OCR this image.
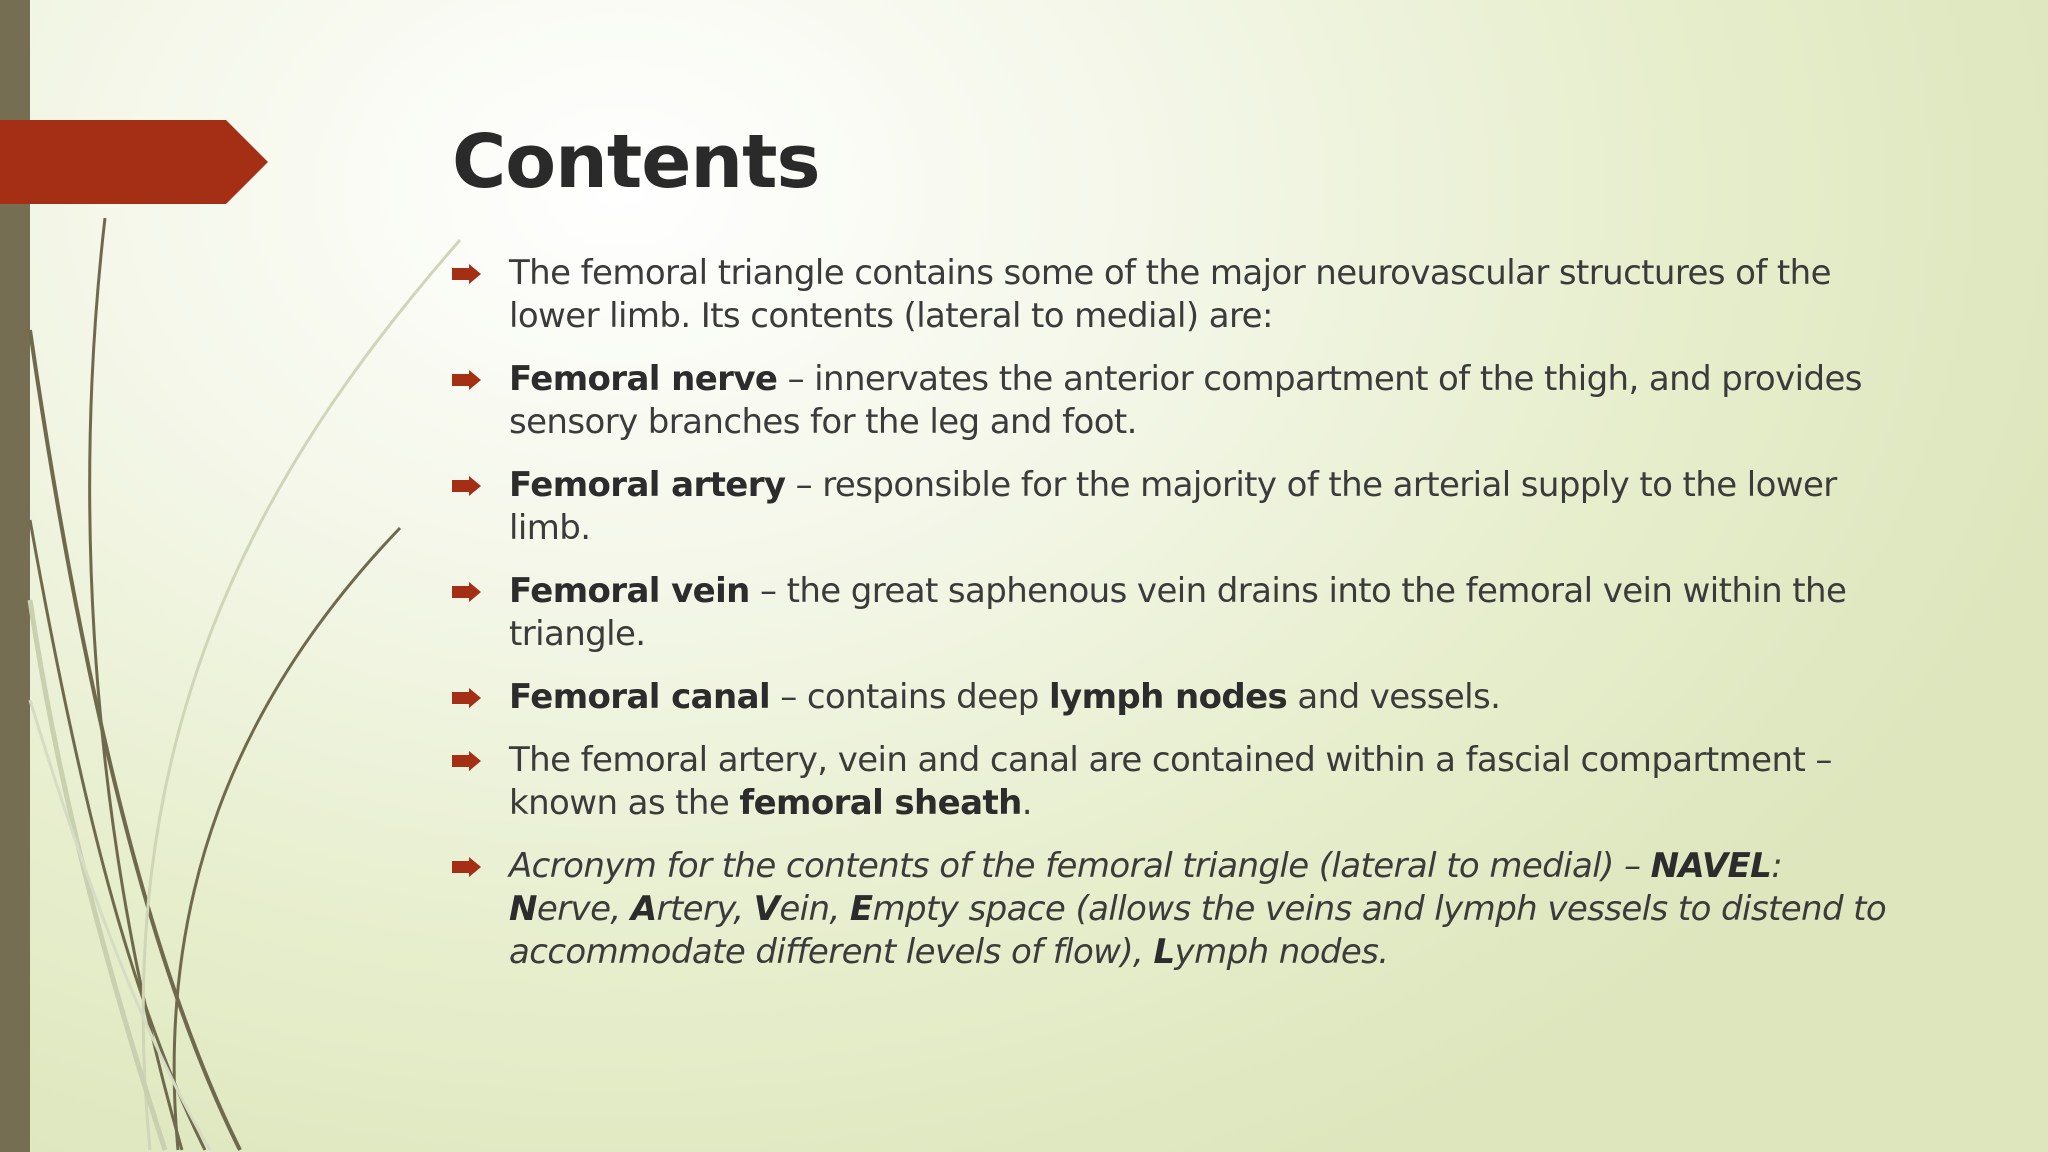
Contents
The femoral triangle contains some of the major neurovascular structures of the lower limb. Its contents (lateral to medial) are:
Femoral nerve – innervates the anterior compartment of the thigh, and provides sensory branches for the leg and foot.
Femoral artery – responsible for the majority of the arterial supply to the lower limb.
Femoral vein – the great saphenous vein drains into the femoral vein within the triangle.
Femoral canal – contains deep lymph nodes and vessels.
The femoral artery, vein and canal are contained within a fascial compartment – known as the femoral sheath.
Acronym for the contents of the femoral triangle (lateral to medial) – NAVEL: Nerve, Artery, Vein, Empty space (allows the veins and lymph vessels to distend to accommodate different levels of flow), Lymph nodes.
